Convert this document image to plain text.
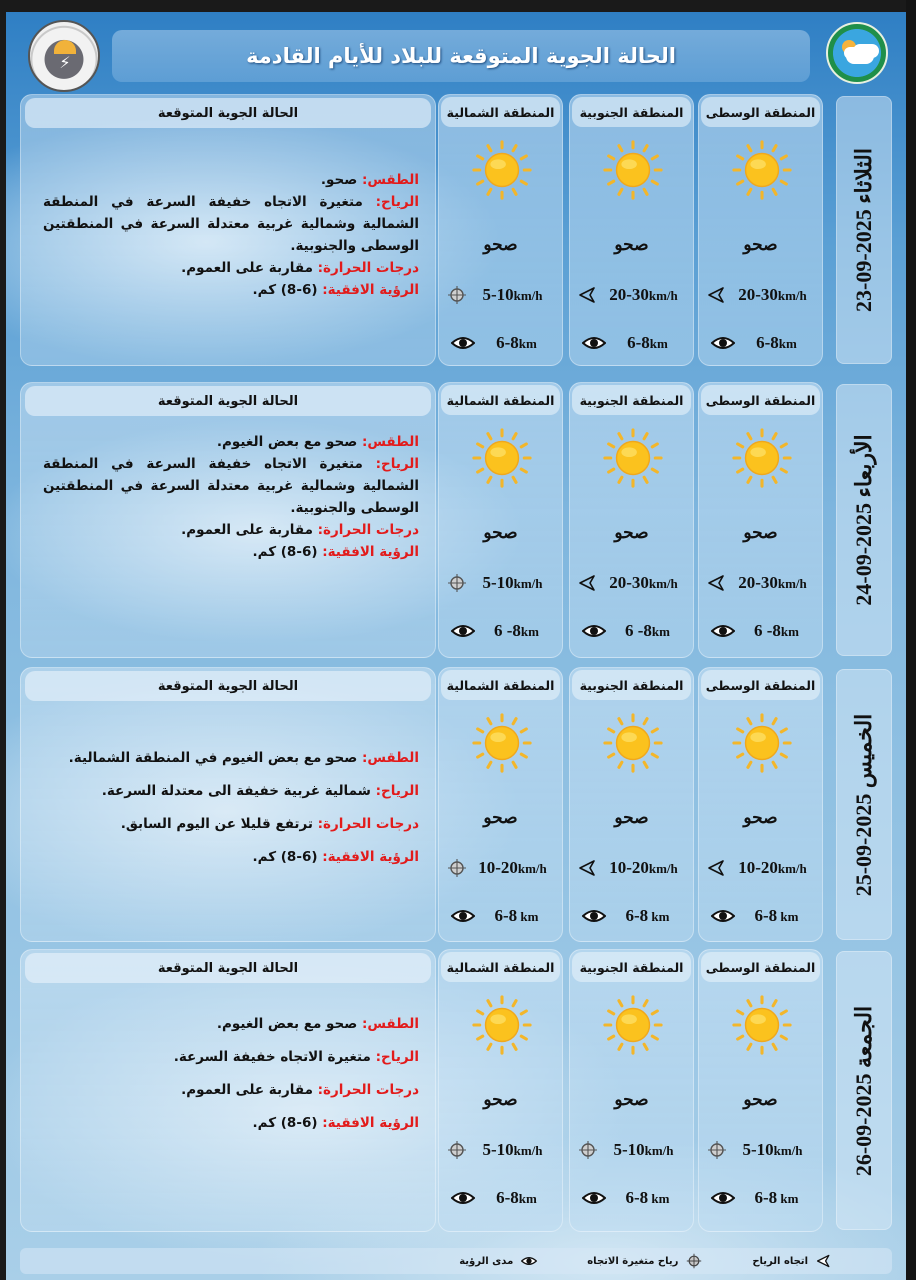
⚡	الحالة الجوية المتوقعة للبلاد للأيام القادمة
الحالة الجوية المتوقعة
الطقس: صحو.
الرياح: متغيرة الاتجاه خفيفة السرعة في المنطقة الشمالية وشمالية غربية معتدلة السرعة في المنطقتين الوسطى والجنوبية.
درجات الحرارة: مقاربة على العموم.
الرؤية الافقية: (6-8) كم.
المنطقة الوسطى
صحو
20-30km/h
6-8km
المنطقة الجنوبية
صحو
20-30km/h
6-8km
المنطقة الشمالية
صحو
5-10km/h
6-8km
الثلاثاء 2025-09-23
الحالة الجوية المتوقعة
الطقس: صحو مع بعض الغيوم.
الرياح: متغيرة الاتجاه خفيفة السرعة في المنطقة الشمالية وشمالية غربية معتدلة السرعة في المنطقتين الوسطى والجنوبية.
درجات الحرارة: مقاربة على العموم.
الرؤية الافقية: (6-8) كم.
المنطقة الوسطى
صحو
20-30km/h
6 -8km
المنطقة الجنوبية
صحو
20-30km/h
6 -8km
المنطقة الشمالية
صحو
5-10km/h
6 -8km
الأربعاء 2025-09-24
الحالة الجوية المتوقعة
الطقس: صحو مع بعض الغيوم في المنطقة الشمالية.
الرياح: شمالية غربية خفيفة الى معتدلة السرعة.
درجات الحرارة: ترتفع قليلا عن اليوم السابق.
الرؤية الافقية: (6-8) كم.
المنطقة الوسطى
صحو
10-20km/h
6-8 km
المنطقة الجنوبية
صحو
10-20km/h
6-8 km
المنطقة الشمالية
صحو
10-20km/h
6-8 km
الخميس 2025-09-25
الحالة الجوية المتوقعة
الطقس: صحو مع بعض الغيوم.
الرياح: متغيرة الاتجاه خفيفة السرعة.
درجات الحرارة: مقاربة على العموم.
الرؤية الافقية: (6-8) كم.
المنطقة الوسطى
صحو
5-10km/h
6-8 km
المنطقة الجنوبية
صحو
5-10km/h
6-8 km
المنطقة الشمالية
صحو
5-10km/h
6-8km
الجمعة 2025-09-26
مدى الرؤية	رياح متغيرة الاتجاه	اتجاه الرياح
